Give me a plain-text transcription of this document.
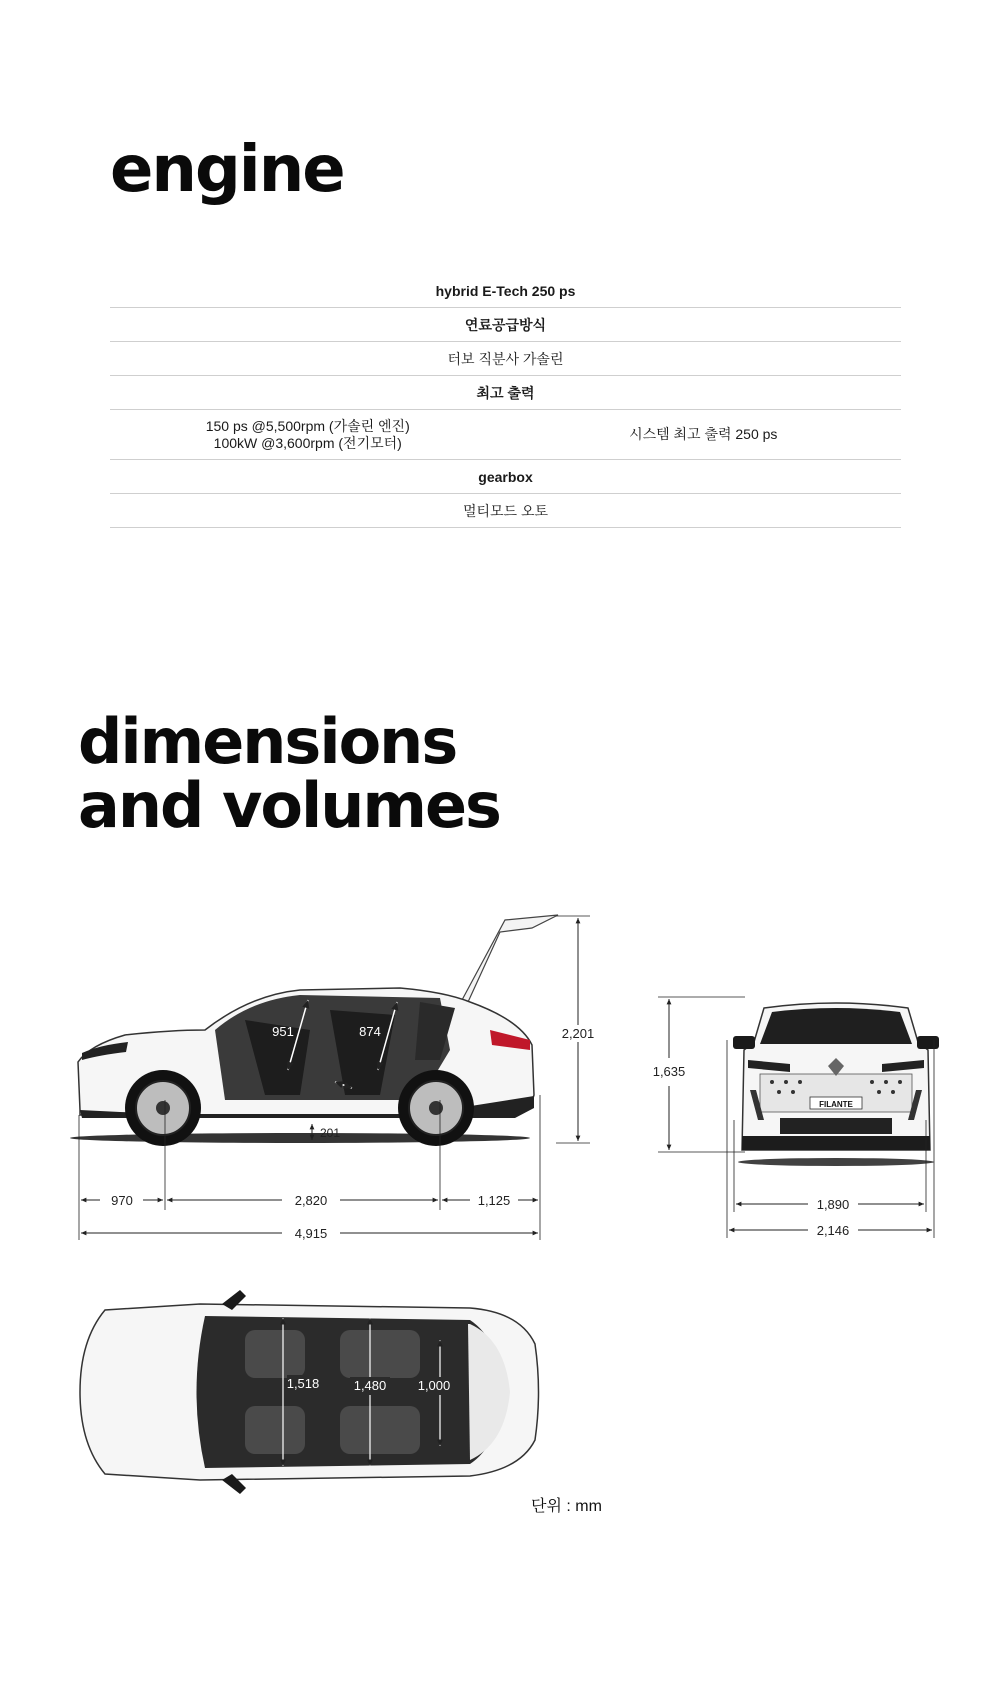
engine
hybrid E-Tech 250 ps
연료공급방식
터보 직분사 가솔린
최고 출력
150 ps @5,500rpm (가솔린 엔진)
100kW @3,600rpm (전기모터)
시스템 최고 출력 250 ps
gearbox
멀티모드 오토
dimensions
and volumes
951	874
201
2,201
970	2,820	1,125
4,915
FILANTE
1,635
1,890
2,146
1,518	1,480 1,000
단위 : mm
